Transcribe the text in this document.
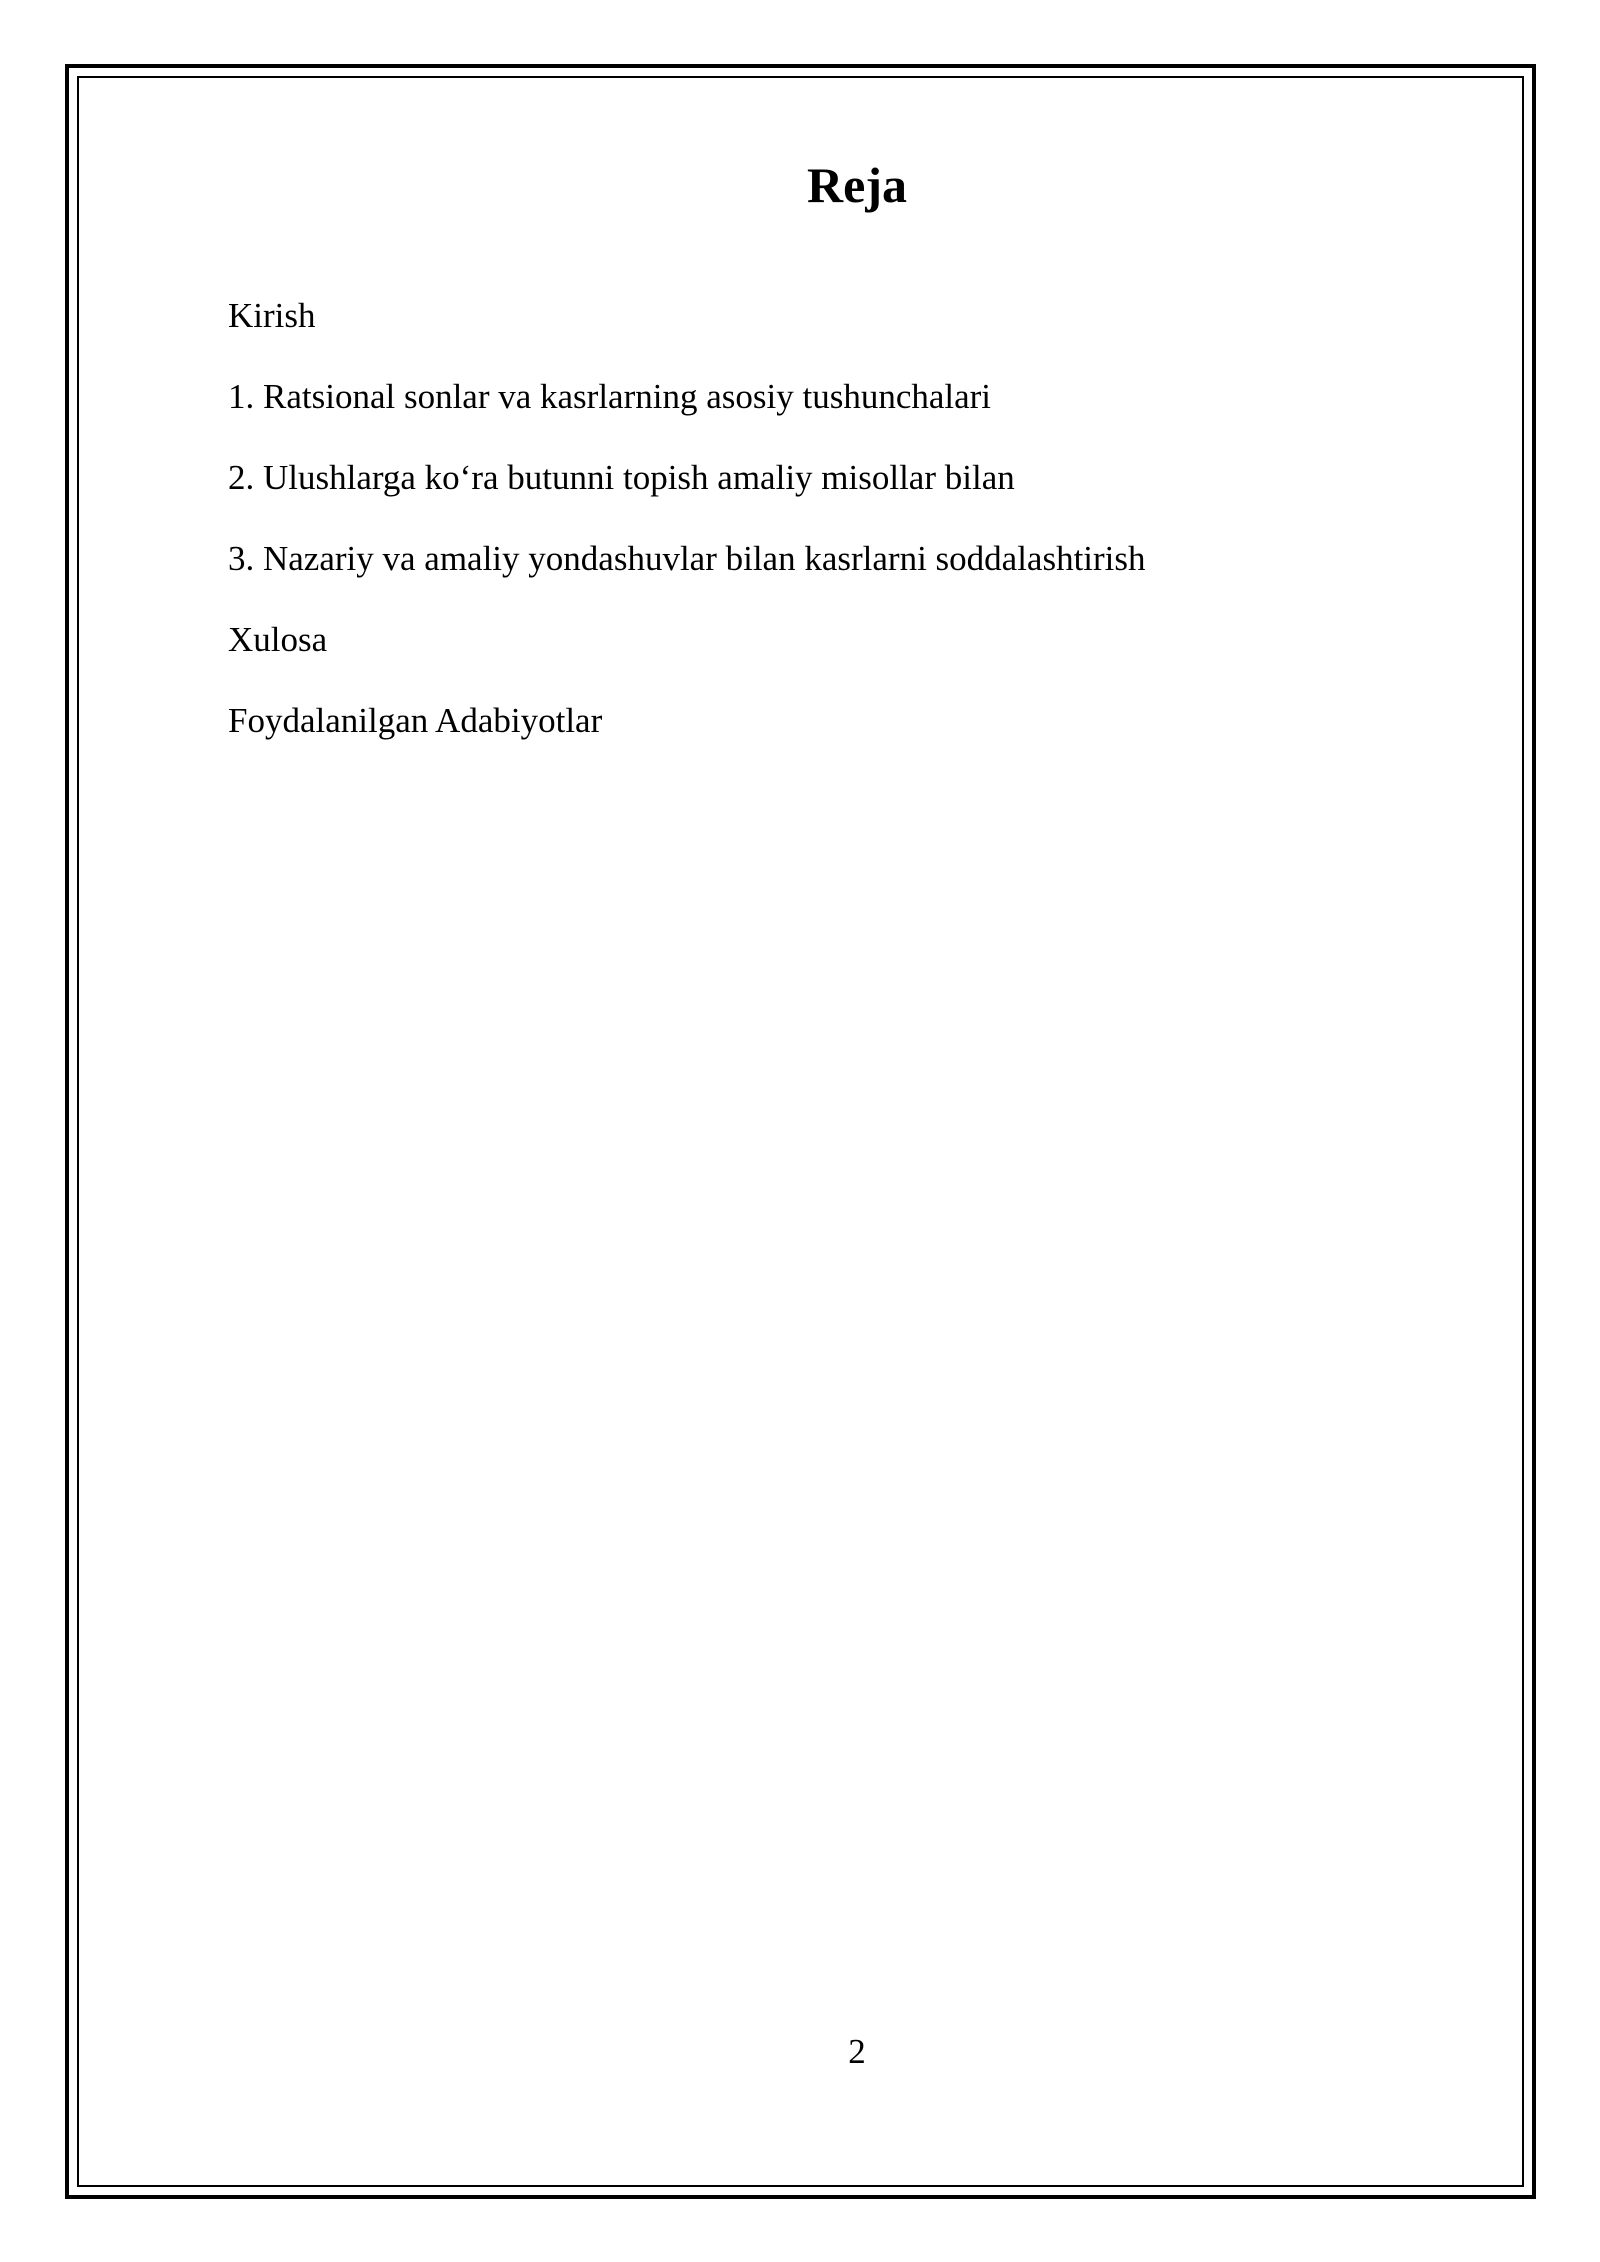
Reja
Kirish
1. Ratsional sonlar va kasrlarning asosiy tushunchalari
2. Ulushlarga ko‘ra butunni topish amaliy misollar bilan
3. Nazariy va amaliy yondashuvlar bilan kasrlarni soddalashtirish
Xulosa
Foydalanilgan Adabiyotlar
2
